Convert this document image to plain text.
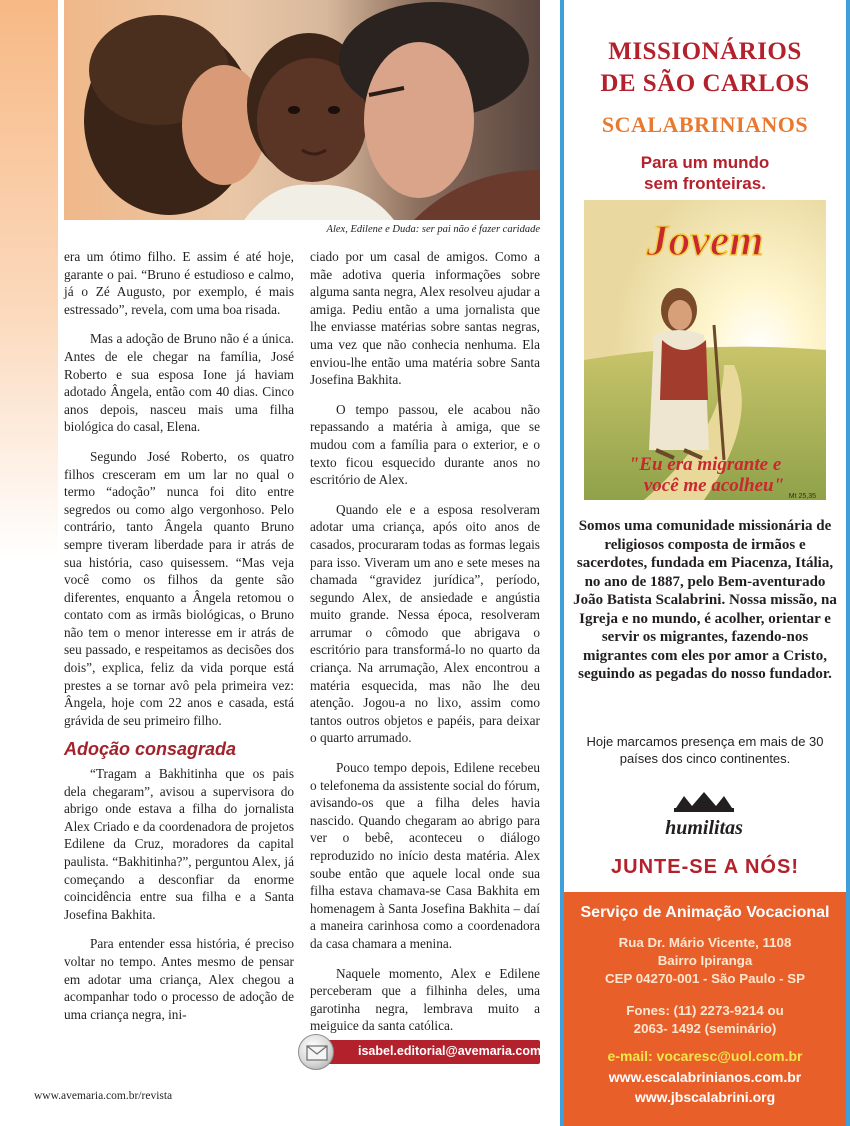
Alex, Edilene e Duda: ser pai não é fazer caridade

era um ótimo filho. E assim é até hoje, garante o pai. “Bruno é estudioso e calmo, já o Zé Augusto, por exemplo, é mais estressado”, revela, com uma boa risada.

Mas a adoção de Bruno não é a única. Antes de ele chegar na família, José Roberto e sua esposa Ione já haviam adotado Ângela, então com 40 dias. Cinco anos depois, nasceu mais uma filha biológica do casal, Elena.

Segundo José Roberto, os quatro filhos cresceram em um lar no qual o termo “adoção” nunca foi dito entre segredos ou como algo vergonhoso. Pelo contrário, tanto Ângela quanto Bruno sempre tiveram liberdade para ir atrás de sua história, caso quisessem. “Mas veja você como os filhos da gente são diferentes, enquanto a Ângela retomou o contato com as irmãs biológicas, o Bruno não tem o menor interesse em ir atrás de seu passado, e respeitamos as decisões dos dois”, explica, feliz da vida porque está prestes a se tornar avô pela primeira vez: Ângela, hoje com 22 anos e casada, está grávida de seu primeiro filho.

Adoção consagrada

“Tragam a Bakhitinha que os pais dela chegaram”, avisou a supervisora do abrigo onde estava a filha do jornalista Alex Criado e da coordenadora de projetos Edilene da Cruz, moradores da capital paulista. “Bakhitinha?”, perguntou Alex, já começando a desconfiar da enorme coincidência entre sua filha e a Santa Josefina Bakhita.

Para entender essa história, é preciso voltar no tempo. Antes mesmo de pensar em adotar uma criança, Alex chegou a acompanhar todo o processo de adoção de uma criança negra, ini-

ciado por um casal de amigos. Como a mãe adotiva queria informações sobre alguma santa negra, Alex resolveu ajudar a amiga. Pediu então a uma jornalista que lhe enviasse matérias sobre santas negras, uma vez que não conhecia nenhuma. Ela enviou-lhe então uma matéria sobre Santa Josefina Bakhita.

O tempo passou, ele acabou não repassando a matéria à amiga, que se mudou com a família para o exterior, e o texto ficou esquecido durante anos no escritório de Alex.

Quando ele e a esposa resolveram adotar uma criança, após oito anos de casados, procuraram todas as formas legais para isso. Viveram um ano e sete meses na chamada “gravidez jurídica”, período, segundo Alex, de ansiedade e angústia muito grande. Nessa época, resolveram arrumar o cômodo que abrigava o escritório para transformá-lo no quarto da criança. Na arrumação, Alex encontrou a matéria esquecida, mas não lhe deu atenção. Jogou-a no lixo, assim como tantos outros objetos e papéis, para deixar o quarto arrumado.

Pouco tempo depois, Edilene recebeu o telefonema da assistente social do fórum, avisando-os que a filha deles havia nascido. Quando chegaram ao abrigo para ver o bebê, aconteceu o diálogo reproduzido no início desta matéria. Alex soube então que aquele local onde sua filha estava chamava-se Casa Bakhita em homenagem à Santa Josefina Bakhita – daí a maneira carinhosa como a coordenadora da casa chamara a menina.

Naquele momento, Alex e Edilene perceberam que a filhinha deles, uma garotinha negra, lembrava muito a meiguice da santa católica.

isabel.editorial@avemaria.com.br
www.avemaria.com.br/revista
MISSIONÁRIOS
DE SÃO CARLOS
SCALABRINIANOS
Para um mundo
sem fronteiras.
Jovem
"Eu era migrante e
você me acolheu"
Mt 25,35
Somos uma comunidade missionária de religiosos composta de irmãos e sacerdotes, fundada em Piacenza, Itália, no ano de 1887, pelo Bem-aventurado João Batista Scalabrini. Nossa missão, na Igreja e no mundo, é acolher, orientar e servir os migrantes, fazendo-nos migrantes com eles por amor a Cristo, seguindo as pegadas do nosso fundador.
Hoje marcamos presença em mais de 30 países dos cinco continentes.
humilitas
JUNTE-SE A NÓS!
Serviço de Animação Vocacional
Rua Dr. Mário Vicente, 1108
Bairro Ipiranga
CEP 04270-001 - São Paulo - SP
Fones: (11) 2273-9214 ou
2063- 1492 (seminário)
e-mail: vocaresc@uol.com.br
www.escalabrinianos.com.br
www.jbscalabrini.org
